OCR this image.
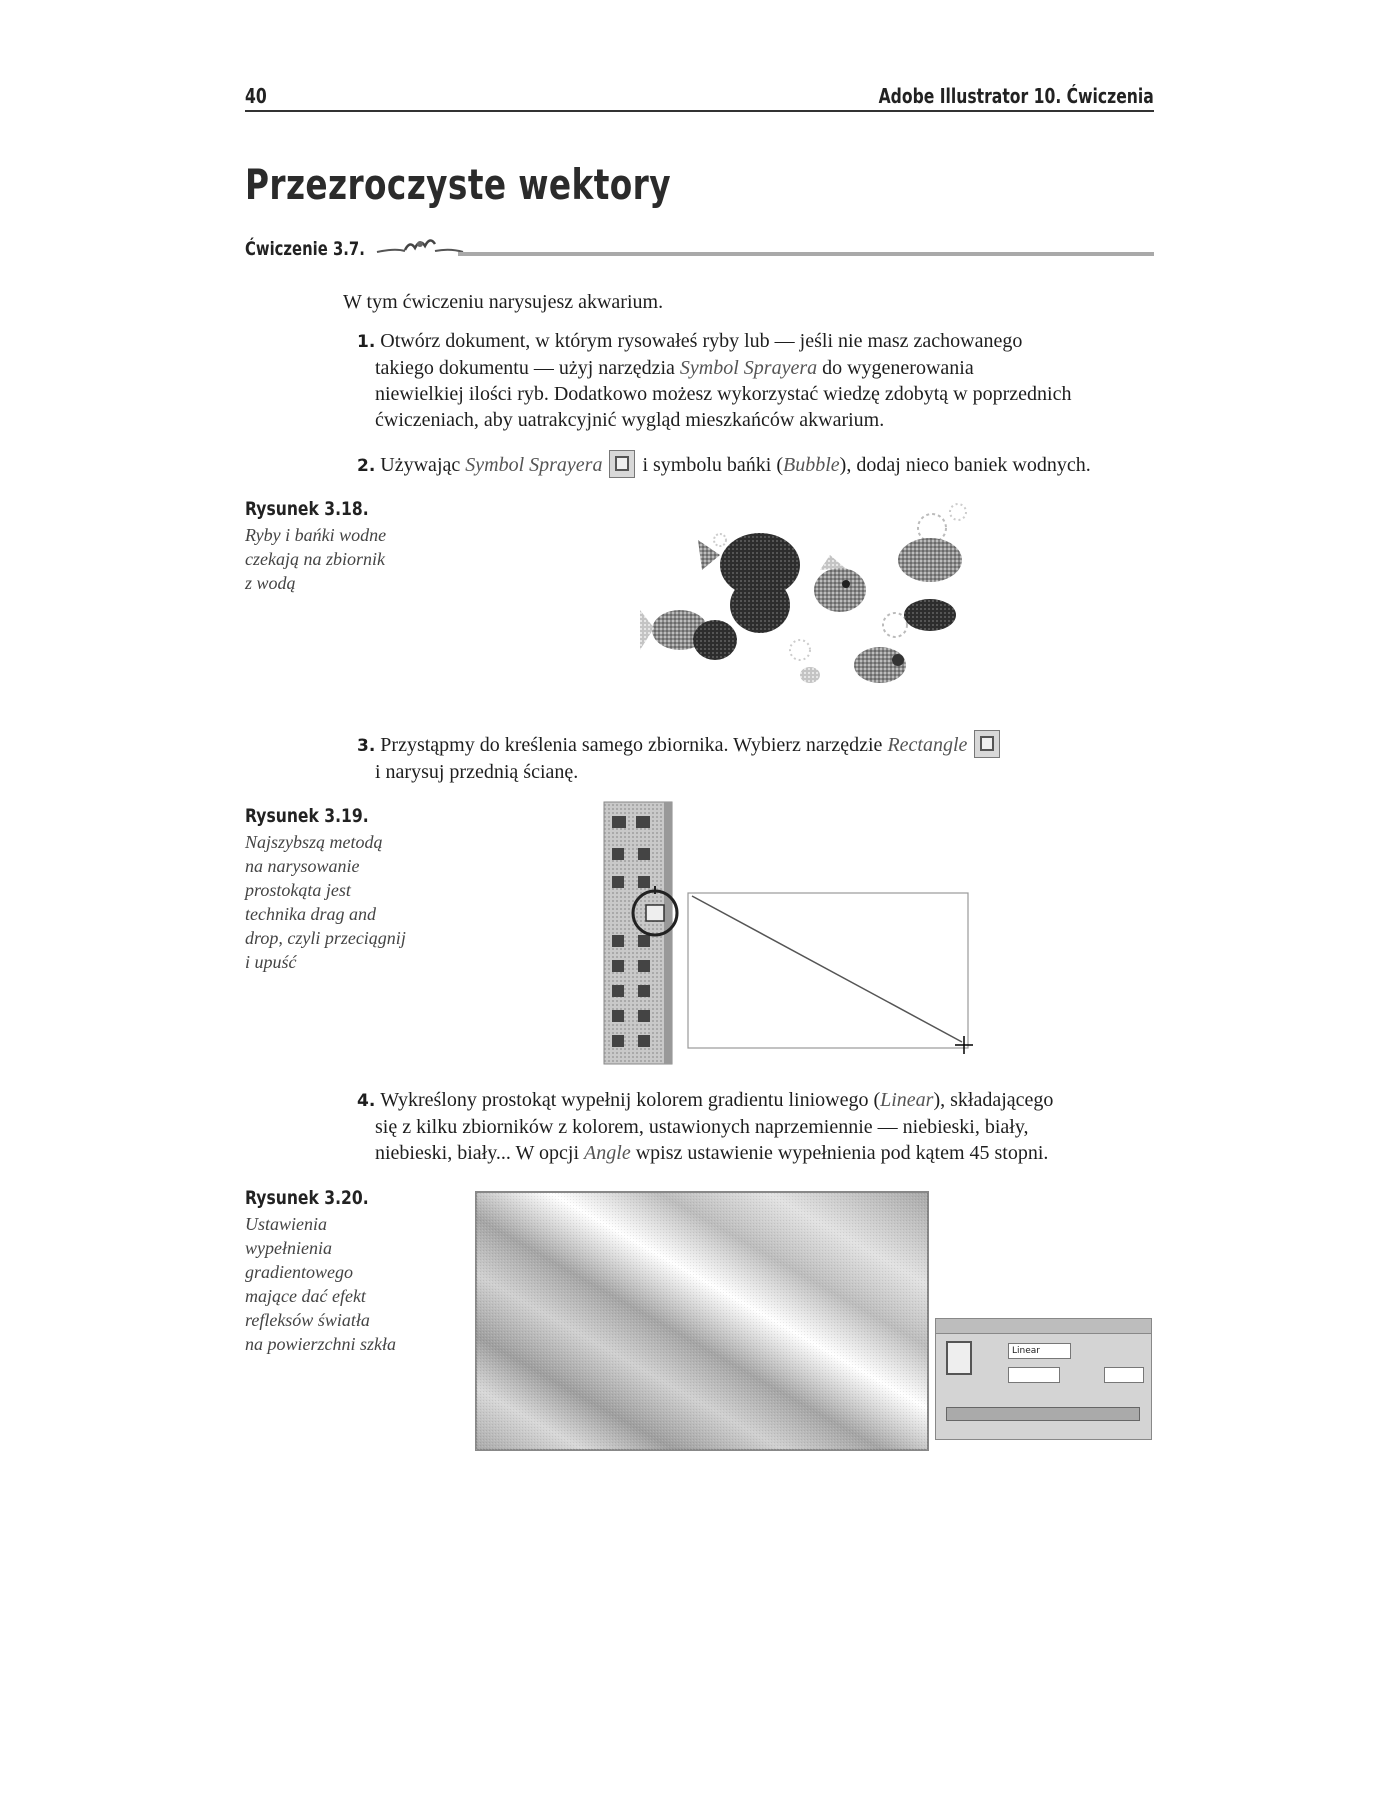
40	Adobe Illustrator 10. Ćwiczenia
Przezroczyste wektory
Ćwiczenie 3.7.
W tym ćwiczeniu narysujesz akwarium.
1. Otwórz dokument, w którym rysowałeś ryby lub — jeśli nie masz zachowanego
takiego dokumentu — użyj narzędzia Symbol Sprayera do wygenerowania
niewielkiej ilości ryb. Dodatkowo możesz wykorzystać wiedzę zdobytą w poprzednich
ćwiczeniach, aby uatrakcyjnić wygląd mieszkańców akwarium.
2. Używając Symbol Sprayera  i symbolu bańki (Bubble), dodaj nieco baniek wodnych.
Rysunek 3.18.
Ryby i bańki wodne
czekają na zbiornik
z wodą
3. Przystąpmy do kreślenia samego zbiornika. Wybierz narzędzie Rectangle
i narysuj przednią ścianę.
Rysunek 3.19.
Najszybszą metodą
na narysowanie
prostokąta jest
technika drag and
drop, czyli przeciągnij
i upuść
4. Wykreślony prostokąt wypełnij kolorem gradientu liniowego (Linear), składającego
się z kilku zbiorników z kolorem, ustawionych naprzemiennie — niebieski, biały,
niebieski, biały... W opcji Angle wpisz ustawienie wypełnienia pod kątem 45 stopni.
Rysunek 3.20.
Ustawienia
wypełnienia
gradientowego
mające dać efekt
refleksów światła
na powierzchni szkła	Linear
